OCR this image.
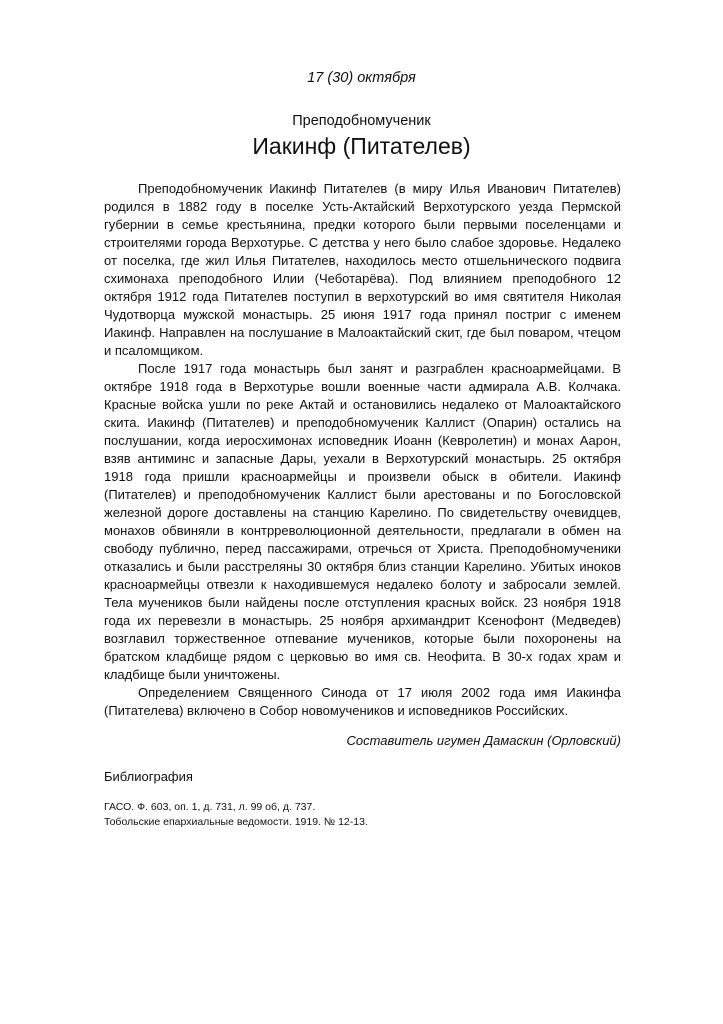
17 (30) октября
Преподобномученик
Иакинф (Питателев)

Преподобномученик Иакинф Питателев (в миру Илья Иванович Питателев) родился в 1882 году в поселке Усть-Актайский Верхотурского уезда Пермской губернии в семье крестьянина, предки которого были первыми поселенцами и строителями города Верхотурье. С детства у него было слабое здоровье. Недалеко от поселка, где жил Илья Питателев, находилось место отшельнического подвига схимонаха преподобного Илии (Чеботарёва). Под влиянием преподобного 12 октября 1912 года Питателев поступил в верхотурский во имя святителя Николая Чудотворца мужской монастырь. 25 июня 1917 года принял постриг с именем Иакинф. Направлен на послушание в Малоактайский скит, где был поваром, чтецом и псаломщиком.

После 1917 года монастырь был занят и разграблен красноармейцами. В октябре 1918 года в Верхотурье вошли военные части адмирала А.В. Колчака. Красные войска ушли по реке Актай и остановились недалеко от Малоактайского скита. Иакинф (Питателев) и преподобномученик Каллист (Опарин) остались на послушании, когда иеросхимонах исповедник Иоанн (Кевролетин) и монах Аарон, взяв антиминс и запасные Дары, уехали в Верхотурский монастырь. 25 октября 1918 года пришли красноармейцы и произвели обыск в обители. Иакинф (Питателев) и преподобномученик Каллист были арестованы и по Богословской железной дороге доставлены на станцию Карелино. По свидетельству очевидцев, монахов обвиняли в контрреволюционной деятельности, предлагали в обмен на свободу публично, перед пассажирами, отречься от Христа. Преподобномученики отказались и были расстреляны 30 октября близ станции Карелино. Убитых иноков красноармейцы отвезли к находившемуся недалеко болоту и забросали землей. Тела мучеников были найдены после отступления красных войск. 23 ноября 1918 года их перевезли в монастырь. 25 ноября архимандрит Ксенофонт (Медведев) возглавил торжественное отпевание мучеников, которые были похоронены на братском кладбище рядом с церковью во имя св. Неофита. В 30-х годах храм и кладбище были уничтожены.

Определением Священного Синода от 17 июля 2002 года имя Иакинфа (Питателева) включено в Собор новомучеников и исповедников Российских.

Составитель игумен Дамаскин (Орловский)
Библиография
ГАСО. Ф. 603, оп. 1, д. 731, л. 99 об, д. 737.
Тобольские епархиальные ведомости. 1919. № 12-13.
